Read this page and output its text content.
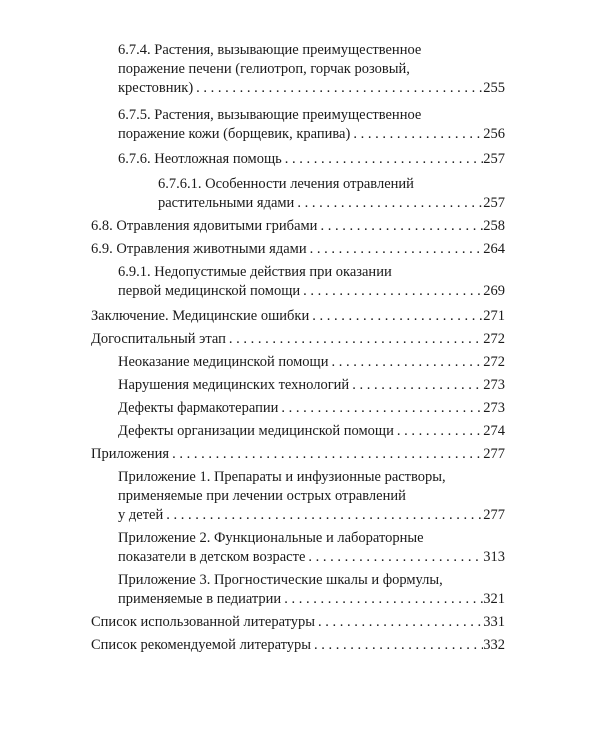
6.7.4. Растения, вызывающие преимущественное
поражение печени (гелиотроп, горчак розовый,
крестовник) . . .	255
6.7.5. Растения, вызывающие преимущественное
поражение кожи (борщевик, крапива) . . .	256
6.7.6. Неотложная помощь . . .	257
6.7.6.1. Особенности лечения отравлений
растительными ядами . . .	257
6.8. Отравления ядовитыми грибами . . .	258
6.9. Отравления животными ядами . . .	264
6.9.1. Недопустимые действия при оказании
первой медицинской помощи . . .	269
Заключение. Медицинские ошибки . . .	271
Догоспитальный этап . . .	272
Неоказание медицинской помощи . . .	272
Нарушения медицинских технологий . . .	273
Дефекты фармакотерапии . . .	273
Дефекты организации медицинской помощи . . .	274
Приложения . . .	277
Приложение 1. Препараты и инфузионные растворы,
применяемые при лечении острых отравлений
у детей . . .	277
Приложение 2. Функциональные и лабораторные
показатели в детском возрасте . . .	313
Приложение 3. Прогностические шкалы и формулы,
применяемые в педиатрии . . .	321
Список использованной литературы . . .	331
Список рекомендуемой литературы . . .	332
